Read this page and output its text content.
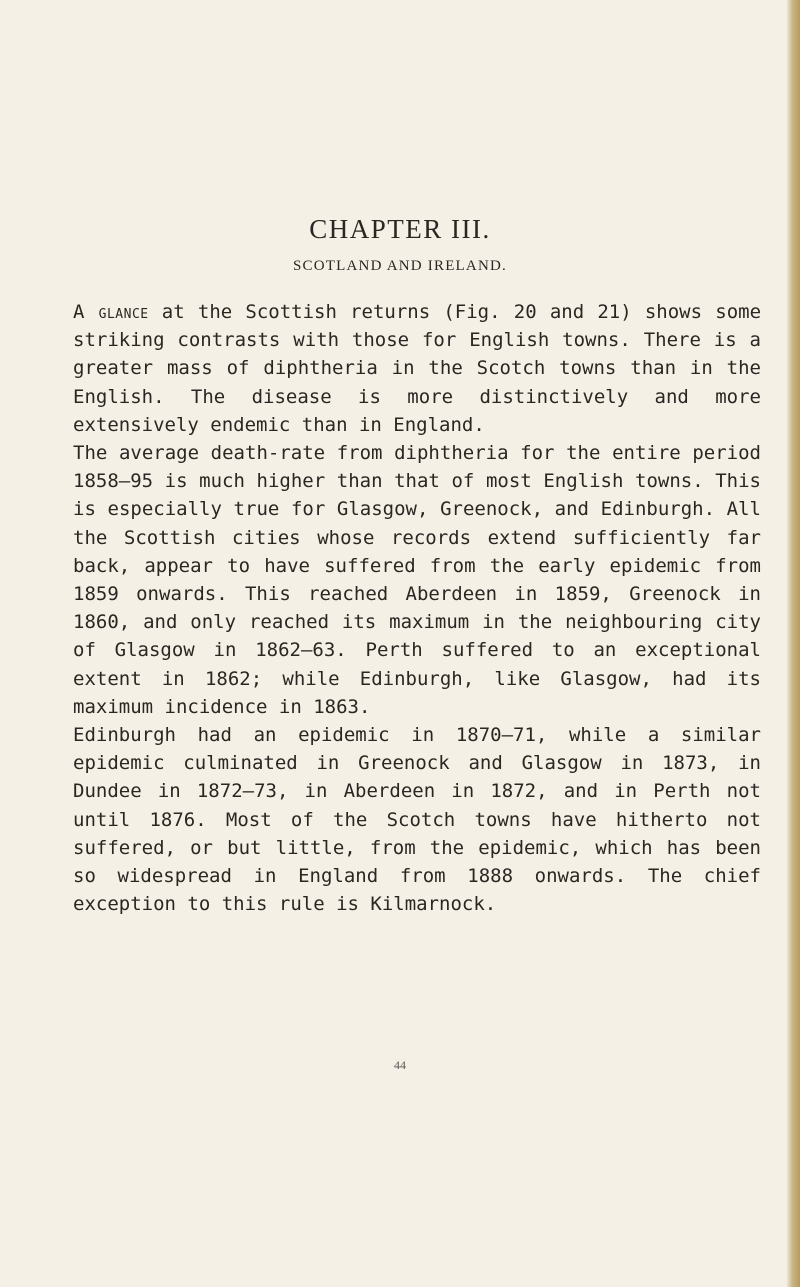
CHAPTER III.
SCOTLAND AND IRELAND.

A glance at the Scottish returns (Fig. 20 and 21) shows some striking contrasts with those for English towns. There is a greater mass of diphtheria in the Scotch towns than in the English. The disease is more distinctively and more extensively endemic than in England.

The average death-rate from diphtheria for the entire period 1858–95 is much higher than that of most English towns. This is especially true for Glasgow, Greenock, and Edinburgh. All the Scottish cities whose records extend sufficiently far back, appear to have suffered from the early epidemic from 1859 onwards. This reached Aberdeen in 1859, Greenock in 1860, and only reached its maximum in the neighbouring city of Glasgow in 1862–63. Perth suffered to an exceptional extent in 1862; while Edinburgh, like Glasgow, had its maximum incidence in 1863.

Edinburgh had an epidemic in 1870–71, while a similar epidemic culminated in Greenock and Glasgow in 1873, in Dundee in 1872–73, in Aberdeen in 1872, and in Perth not until 1876. Most of the Scotch towns have hitherto not suffered, or but little, from the epidemic, which has been so widespread in England from 1888 onwards. The chief exception to this rule is Kilmarnock.

44
